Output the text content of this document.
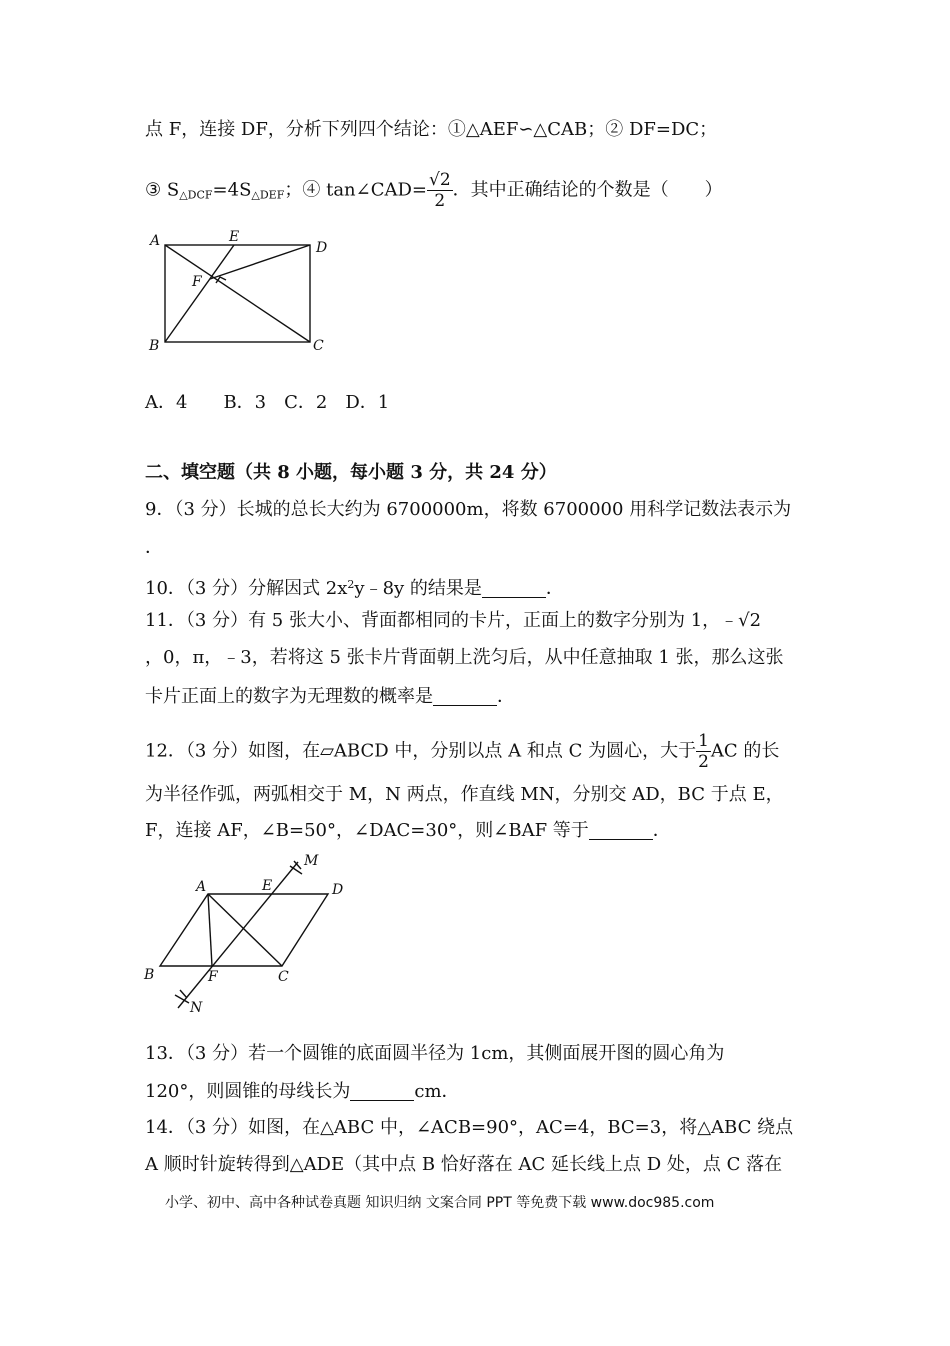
点 F，连接 DF，分析下列四个结论：①△AEF∽△CAB；② DF=DC；
③ $S_{\triangle DCF}=4S_{\triangle DEF}$；④ tan∠CAD= $\frac{√2}{2}$ ．其中正确结论的个数是（　　）
A	E
D
F
B	C
A．4　　B．3　C．2　D．1
二、填空题（共 8 小题，每小题 3 分，共 24 分）
9．（3 分）长城的总长大约为 6700000m，将数 6700000 用科学记数法表示为
．
10．（3 分）分解因式 $2x^2y﹣8y$ 的结果是	．
11．（3 分）有 5 张大小、背面都相同的卡片，正面上的数字分别为 1，﹣√2
，0，π，﹣3，若将这 5 张卡片背面朝上洗匀后，从中任意抽取 1 张，那么这张
卡片正面上的数字为无理数的概率是	．
12．（3 分）如图，在▱ABCD 中，分别以点 A 和点 C 为圆心，大于 $\frac{1}{2}$ AC 的长
为半径作弧，两弧相交于 M，N 两点，作直线 MN，分别交 AD，BC 于点 E，
F，连接 AF，∠B=50°，∠DAC=30°，则∠BAF 等于	．
M
A	E	D
B	F	C
N
13．（3 分）若一个圆锥的底面圆半径为 1cm，其侧面展开图的圆心角为
120°，则圆锥的母线长为	cm．
14．（3 分）如图，在△ABC 中，∠ACB=90°，AC=4，BC=3，将△ABC 绕点
A 顺时针旋转得到△ADE（其中点 B 恰好落在 AC 延长线上点 D 处，点 C 落在
小学、初中、高中各种试卷真题 知识归纳 文案合同 PPT 等免费下载 www.doc985.com
